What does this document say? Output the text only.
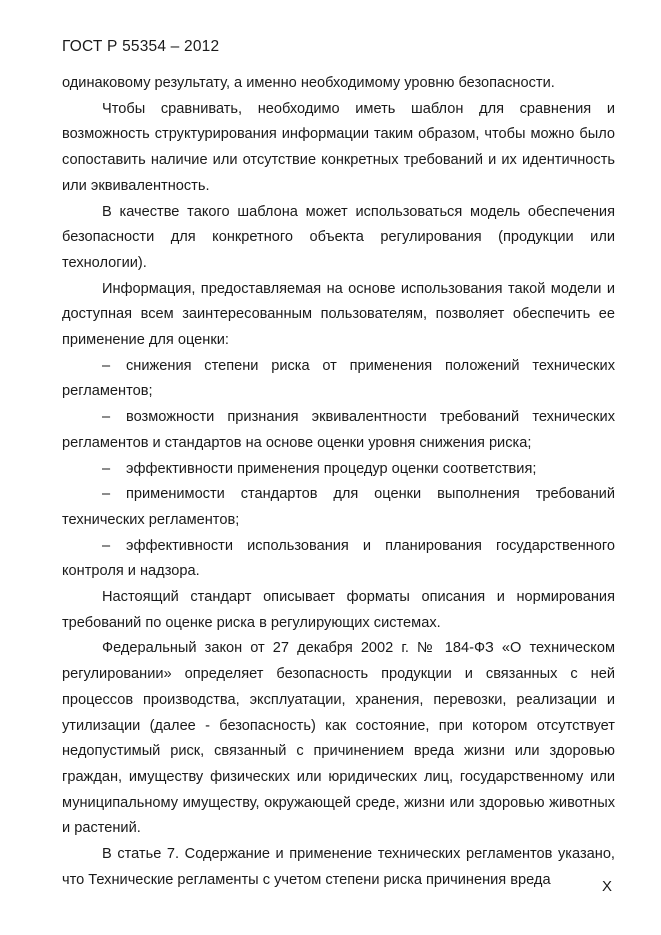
ГОСТ Р 55354 – 2012

одинаковому результату, а именно необходимому уровню безопасности.

Чтобы сравнивать, необходимо иметь шаблон для сравнения и возможность структурирования информации таким образом, чтобы можно было сопоставить наличие или отсутствие конкретных требований и их идентичность или эквивалентность.

В качестве такого шаблона может использоваться модель обеспечения безопасности для конкретного объекта регулирования (продукции или технологии).

Информация, предоставляемая на основе использования такой модели и доступная всем заинтересованным пользователям, позволяет обеспечить ее применение для оценки:

– снижения степени риска от применения положений технических регламентов;

– возможности признания эквивалентности требований технических регламентов и стандартов на основе оценки уровня снижения риска;

– эффективности применения процедур оценки соответствия;

– применимости стандартов для оценки выполнения требований технических регламентов;

– эффективности использования и планирования государственного контроля и надзора.

Настоящий стандарт описывает форматы описания и нормирования требований по оценке риска в регулирующих системах.

Федеральный закон от 27 декабря 2002 г. № 184-ФЗ «О техническом регулировании» определяет безопасность продукции и связанных с ней процессов производства, эксплуатации, хранения, перевозки, реализации и утилизации (далее - безопасность) как состояние, при котором отсутствует недопустимый риск, связанный с причинением вреда жизни или здоровью граждан, имуществу физических или юридических лиц, государственному или муниципальному имуществу, окружающей среде, жизни или здоровью животных и растений.

В статье 7. Содержание и применение технических регламентов указано, что Технические регламенты с учетом степени риска причинения вреда	X
